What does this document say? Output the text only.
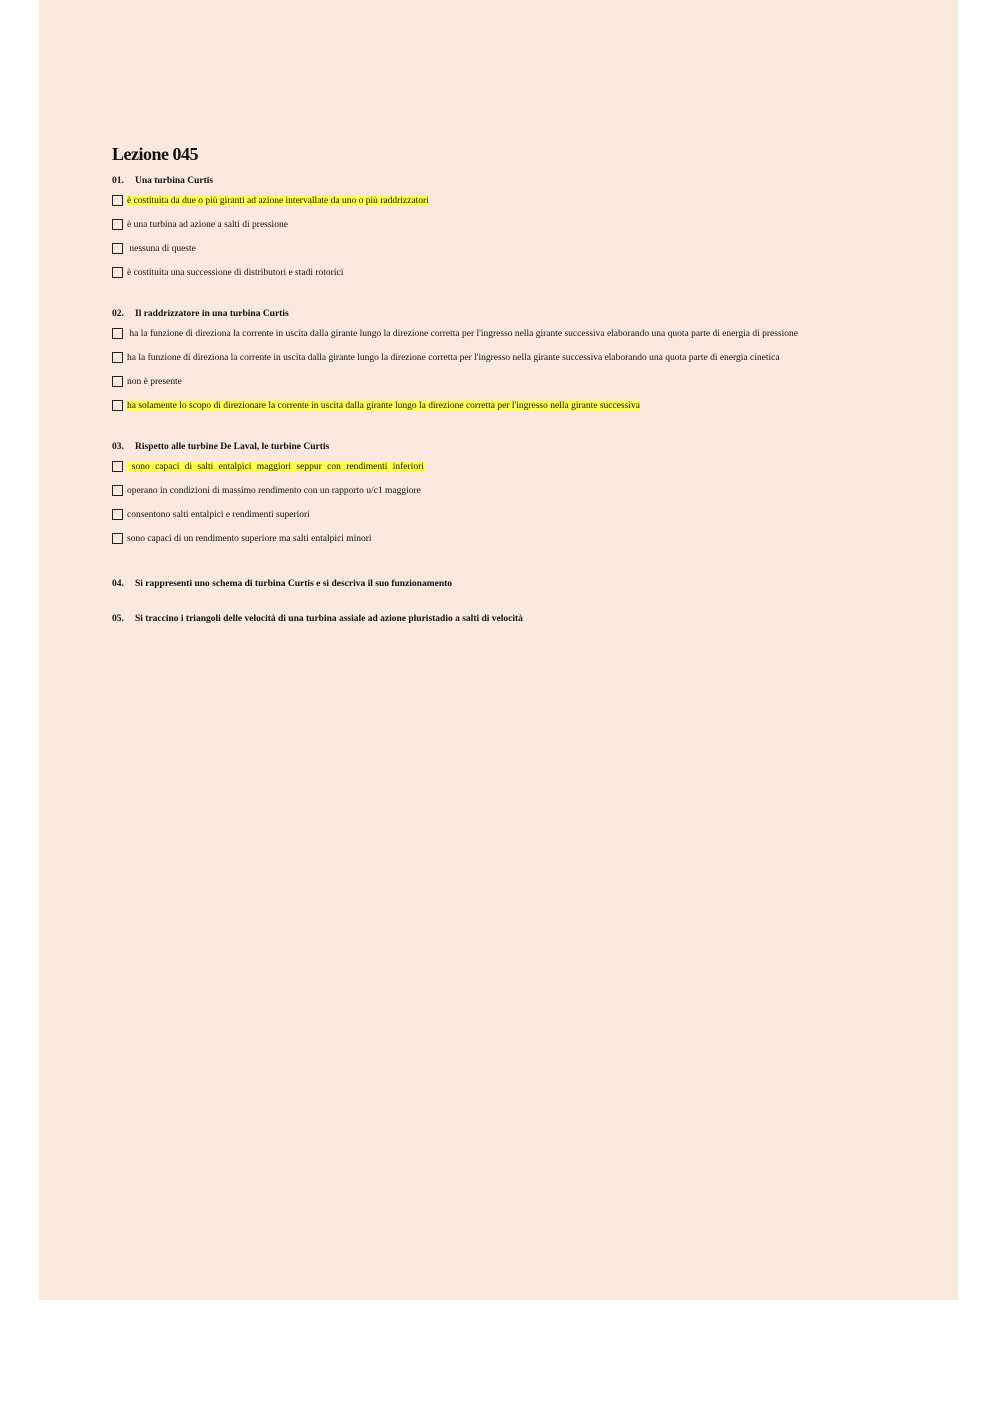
Lezione 045
01. Una turbina Curtis
è costituita da due o più giranti ad azione intervallate da uno o più raddrizzatori
è una turbina ad azione a salti di pressione
nessuna di queste
è costituita una successione di distributori e stadi rotorici
02. Il raddrizzatore in una turbina Curtis
ha la funzione di direziona la corrente in uscita dalla girante lungo la direzione corretta per l'ingresso nella girante successiva elaborando una quota parte di energia di pressione
ha la funzione di direziona la corrente in uscita dalla girante lungo la direzione corretta per l'ingresso nella girante successiva elaborando una quota parte di energia cinetica
non è presente
ha solamente lo scopo di direzionare la corrente in uscita dalla girante lungo la direzione corretta per l'ingresso nella girante successiva
03. Rispetto alle turbine De Laval, le turbine Curtis
sono capaci di salti entalpici maggiori seppur con rendimenti inferiori
operano in condizioni di massimo rendimento con un rapporto u/c1 maggiore
consentono salti entalpici e rendimenti superiori
sono capaci di un rendimento superiore ma salti entalpici minori
04. Si rappresenti uno schema di turbina Curtis e si descriva il suo funzionamento
05. Si traccino i triangoli delle velocità di una turbina assiale ad azione pluristadio a salti di velocità
